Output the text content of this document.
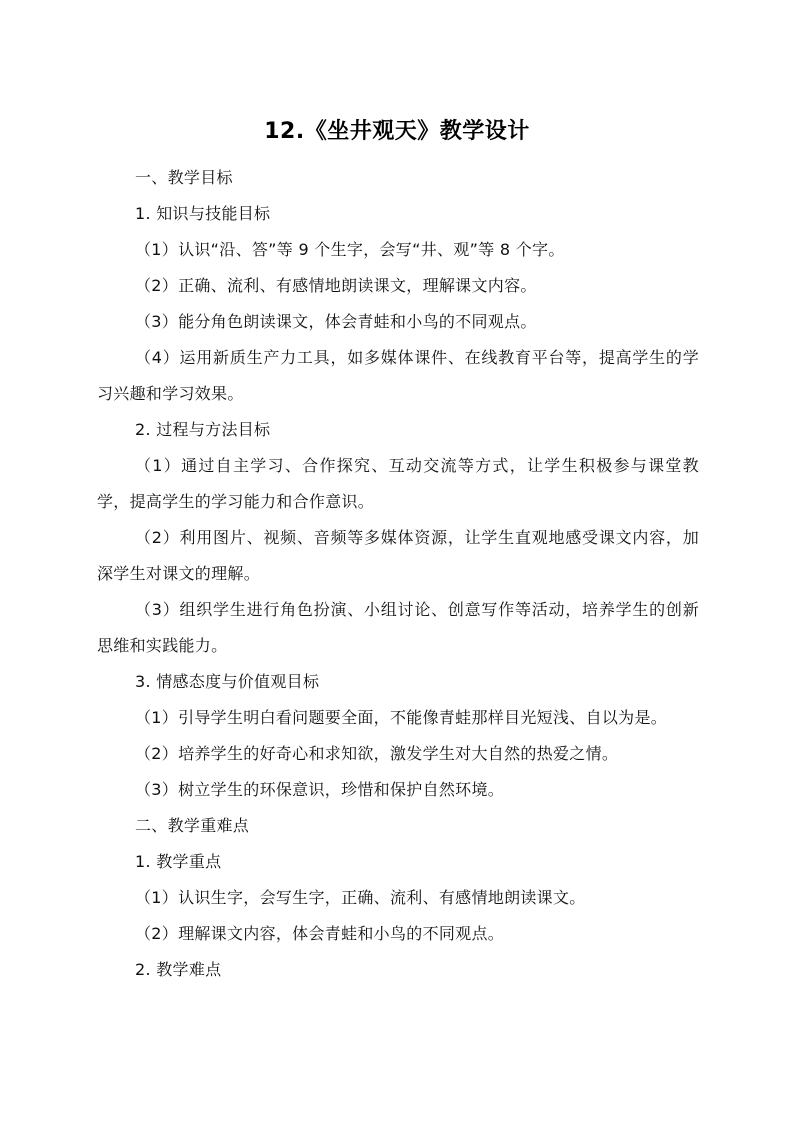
12.《坐井观天》教学设计
一、教学目标
1. 知识与技能目标
（1）认识“沿、答”等 9 个生字，会写“井、观”等 8 个字。
（2）正确、流利、有感情地朗读课文，理解课文内容。
（3）能分角色朗读课文，体会青蛙和小鸟的不同观点。
（4）运用新质生产力工具，如多媒体课件、在线教育平台等，提高学生的学习兴趣和学习效果。
2. 过程与方法目标
（1）通过自主学习、合作探究、互动交流等方式，让学生积极参与课堂教学，提高学生的学习能力和合作意识。
（2）利用图片、视频、音频等多媒体资源，让学生直观地感受课文内容，加深学生对课文的理解。
（3）组织学生进行角色扮演、小组讨论、创意写作等活动，培养学生的创新思维和实践能力。
3. 情感态度与价值观目标
（1）引导学生明白看问题要全面，不能像青蛙那样目光短浅、自以为是。
（2）培养学生的好奇心和求知欲，激发学生对大自然的热爱之情。
（3）树立学生的环保意识，珍惜和保护自然环境。
二、教学重难点
1. 教学重点
（1）认识生字，会写生字，正确、流利、有感情地朗读课文。
（2）理解课文内容，体会青蛙和小鸟的不同观点。
2. 教学难点
